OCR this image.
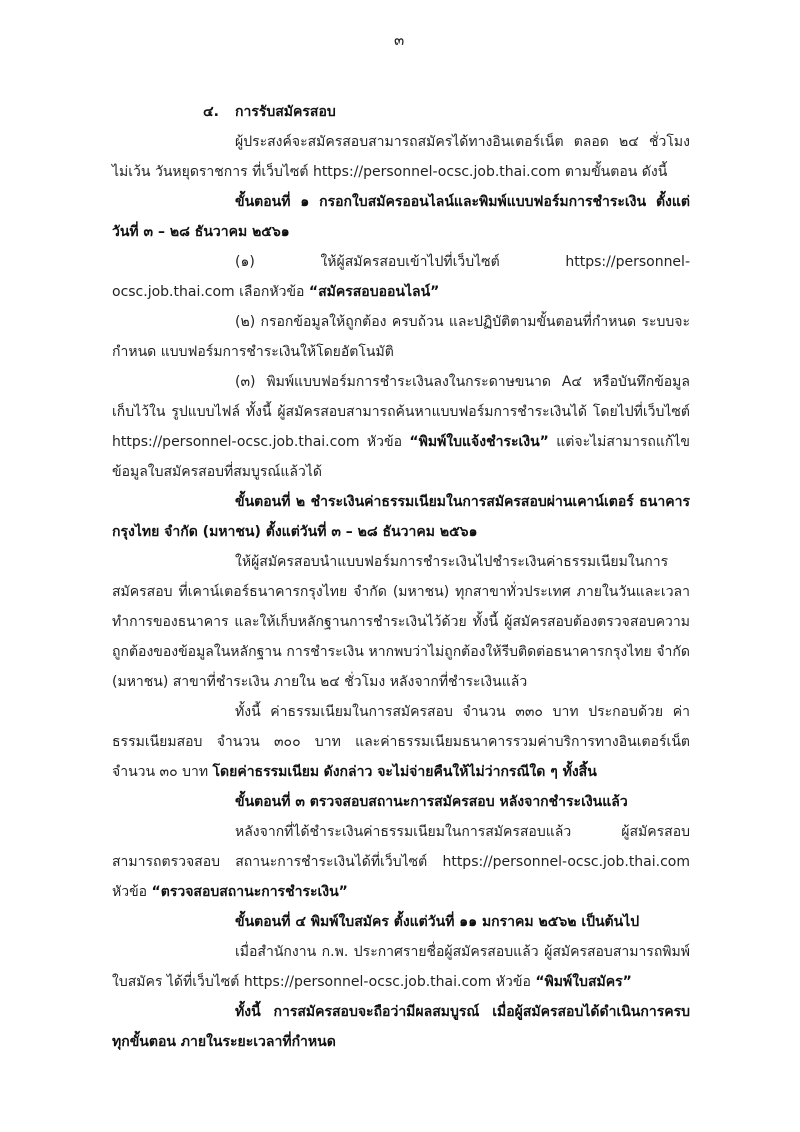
๓

๔. การรับสมัครสอบ

ผู้ประสงค์จะสมัครสอบสามารถสมัครได้ทางอินเตอร์เน็ต ตลอด ๒๔ ชั่วโมง ไม่เว้น วันหยุดราชการ ที่เว็บไซต์ https://personnel-ocsc.job.thai.com ตามขั้นตอน ดังนี้

ขั้นตอนที่ ๑ กรอกใบสมัครออนไลน์และพิมพ์แบบฟอร์มการชำระเงิน ตั้งแต่วันที่ ๓ – ๒๘ ธันวาคม ๒๕๖๑

(๑) ให้ผู้สมัครสอบเข้าไปที่เว็บไซต์ https://personnel-ocsc.job.thai.com เลือกหัวข้อ “สมัครสอบออนไลน์”

(๒) กรอกข้อมูลให้ถูกต้อง ครบถ้วน และปฏิบัติตามขั้นตอนที่กำหนด ระบบจะกำหนด แบบฟอร์มการชำระเงินให้โดยอัตโนมัติ

(๓) พิมพ์แบบฟอร์มการชำระเงินลงในกระดาษขนาด A๔ หรือบันทึกข้อมูลเก็บไว้ใน รูปแบบไฟล์ ทั้งนี้ ผู้สมัครสอบสามารถค้นหาแบบฟอร์มการชำระเงินได้ โดยไปที่เว็บไซต์ https://personnel-ocsc.job.thai.com หัวข้อ “พิมพ์ใบแจ้งชำระเงิน” แต่จะไม่สามารถแก้ไขข้อมูลใบสมัครสอบที่สมบูรณ์แล้วได้

ขั้นตอนที่ ๒ ชำระเงินค่าธรรมเนียมในการสมัครสอบผ่านเคาน์เตอร์ ธนาคารกรุงไทย จำกัด (มหาชน) ตั้งแต่วันที่ ๓ – ๒๘ ธันวาคม ๒๕๖๑

ให้ผู้สมัครสอบนำแบบฟอร์มการชำระเงินไปชำระเงินค่าธรรมเนียมในการสมัครสอบ ที่เคาน์เตอร์ธนาคารกรุงไทย จำกัด (มหาชน) ทุกสาขาทั่วประเทศ ภายในวันและเวลาทำการของธนาคาร และให้เก็บหลักฐานการชำระเงินไว้ด้วย ทั้งนี้ ผู้สมัครสอบต้องตรวจสอบความถูกต้องของข้อมูลในหลักฐาน การชำระเงิน หากพบว่าไม่ถูกต้องให้รีบติดต่อธนาคารกรุงไทย จำกัด (มหาชน) สาขาที่ชำระเงิน ภายใน ๒๔ ชั่วโมง หลังจากที่ชำระเงินแล้ว

ทั้งนี้ ค่าธรรมเนียมในการสมัครสอบ จำนวน ๓๓๐ บาท ประกอบด้วย ค่าธรรมเนียมสอบ จำนวน ๓๐๐ บาท และค่าธรรมเนียมธนาคารรวมค่าบริการทางอินเตอร์เน็ต จำนวน ๓๐ บาท โดยค่าธรรมเนียม ดังกล่าว จะไม่จ่ายคืนให้ไม่ว่ากรณีใด ๆ ทั้งสิ้น

ขั้นตอนที่ ๓ ตรวจสอบสถานะการสมัครสอบ หลังจากชำระเงินแล้ว

หลังจากที่ได้ชำระเงินค่าธรรมเนียมในการสมัครสอบแล้ว ผู้สมัครสอบสามารถตรวจสอบ สถานะการชำระเงินได้ที่เว็บไซต์ https://personnel-ocsc.job.thai.com หัวข้อ “ตรวจสอบสถานะการชำระเงิน”

ขั้นตอนที่ ๔ พิมพ์ใบสมัคร ตั้งแต่วันที่ ๑๑ มกราคม ๒๕๖๒ เป็นต้นไป

เมื่อสำนักงาน ก.พ. ประกาศรายชื่อผู้สมัครสอบแล้ว ผู้สมัครสอบสามารถพิมพ์ใบสมัคร ได้ที่เว็บไซต์ https://personnel-ocsc.job.thai.com หัวข้อ “พิมพ์ใบสมัคร”

ทั้งนี้ การสมัครสอบจะถือว่ามีผลสมบูรณ์ เมื่อผู้สมัครสอบได้ดำเนินการครบทุกขั้นตอน ภายในระยะเวลาที่กำหนด
